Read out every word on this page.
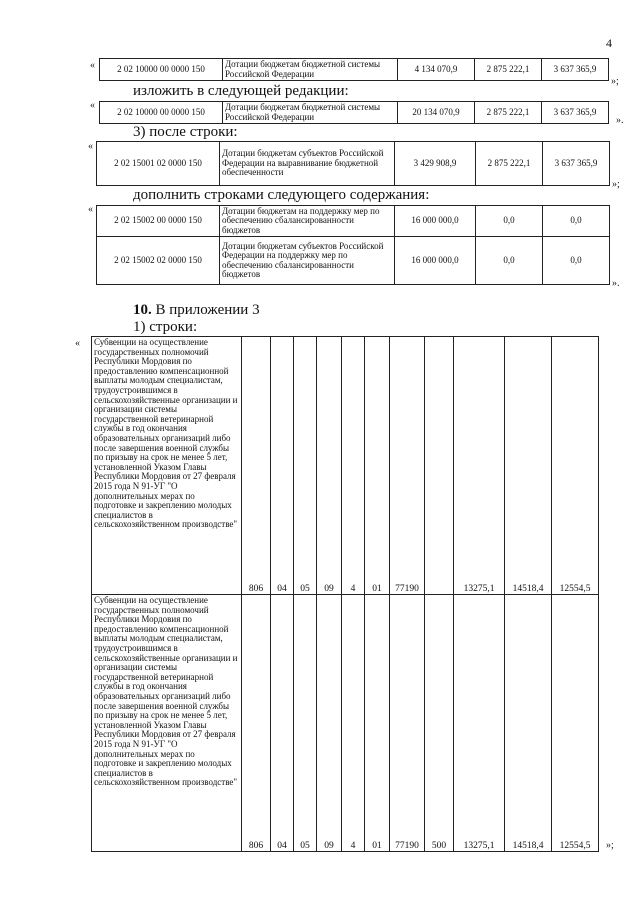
4
« 2 02 10000 00 0000 150	Дотации бюджетам бюджетной системы Российской Федерации	4 134 070,9	2 875 222,1	3 637 365,9
»;
изложить в следующей редакции:
«
2 02 10000 00 0000 150	Дотации бюджетам бюджетной системы Российской Федерации	20 134 070,9	2 875 222,1	3 637 365,9
».
3) после строки:
«
2 02 15001 02 0000 150	Дотации бюджетам субъектов Российской Федерации на выравнивание бюджетной обеспеченности	3 429 908,9	2 875 222,1	3 637 365,9
»;
дополнить строками следующего содержания:
«
2 02 15002 00 0000 150	Дотации бюджетам на поддержку мер по обеспечению сбалансированности бюджетов	16 000 000,0	0,0	0,0
2 02 15002 02 0000 150	Дотации бюджетам субъектов Российской Федерации на поддержку мер по обеспечению сбалансированности бюджетов	16 000 000,0	0,0	0,0
».
10. В приложении 3
1) строки:
« Субвенции на осуществление государственных полномочий Республики Мордовия по предоставлению компенсационной выплаты молодым специалистам, трудоустроившимся в сельскохозяйственные организации и организации системы государственной ветеринарной службы в год окончания образовательных организаций либо после завершения военной службы по призыву на срок не менее 5 лет, установленной Указом Главы Республики Мордовия от 27 февраля 2015 года N 91-УГ "О дополнительных мерах по подготовке и закреплению молодых специалистов в сельскохозяйственном производстве"	806	04	05	09	4	01	77190		13275,1	14518,4	12554,5
Субвенции на осуществление государственных полномочий Республики Мордовия по предоставлению компенсационной выплаты молодым специалистам, трудоустроившимся в сельскохозяйственные организации и организации системы государственной ветеринарной службы в год окончания образовательных организаций либо после завершения военной службы по призыву на срок не менее 5 лет, установленной Указом Главы Республики Мордовия от 27 февраля 2015 года N 91-УГ "О дополнительных мерах по подготовке и закреплению молодых специалистов в сельскохозяйственном производстве"	806	04	05	09	4	01	77190	500	13275,1	14518,4	12554,5 »;
